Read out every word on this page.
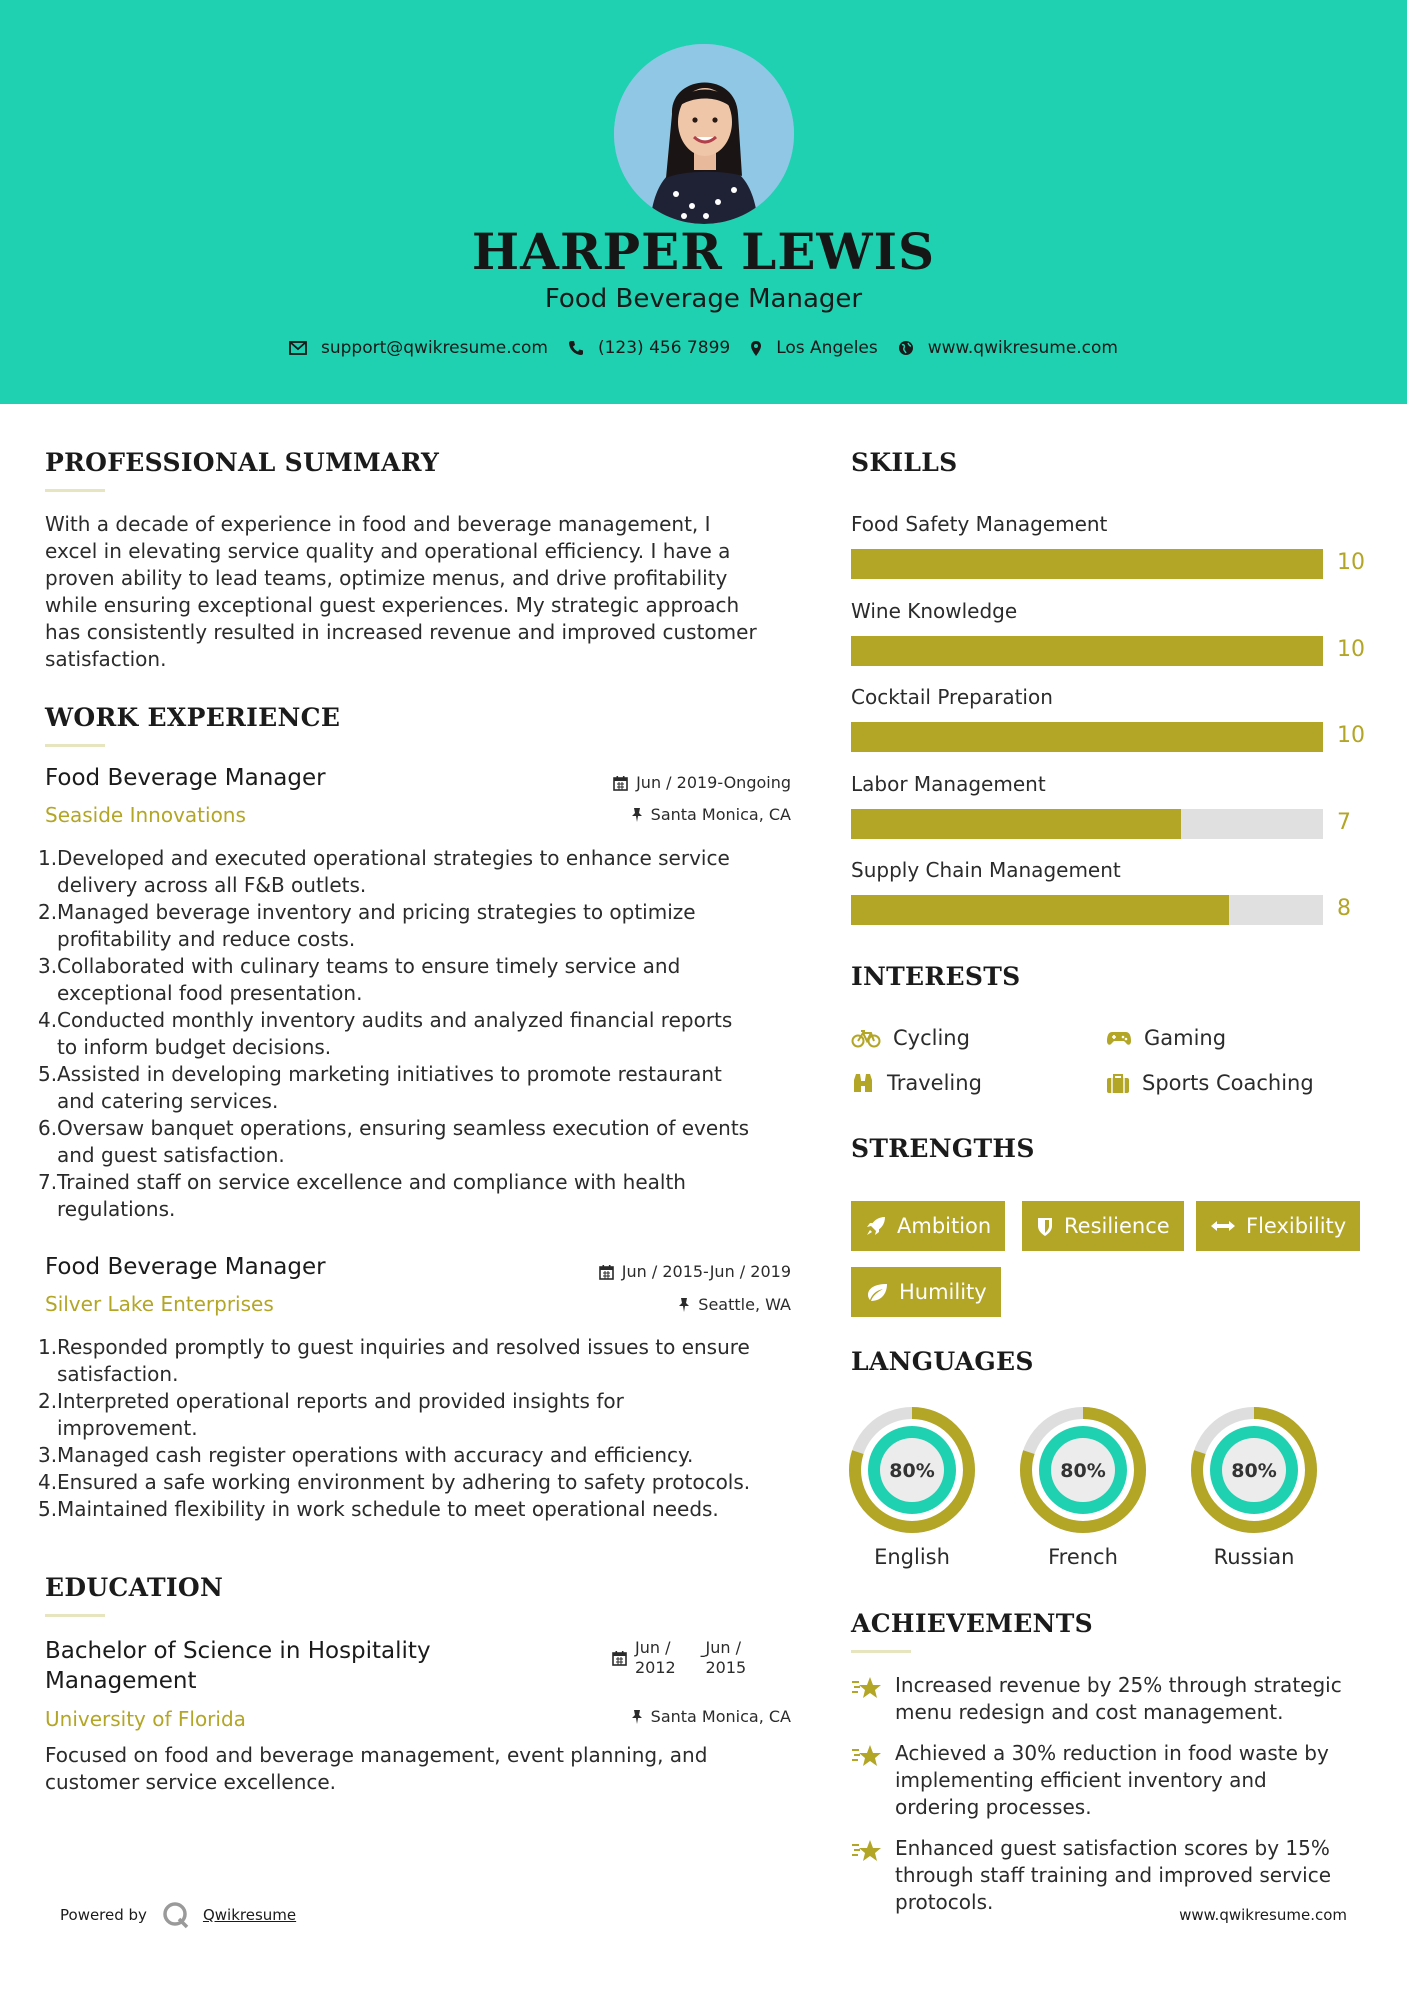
HARPER LEWIS
Food Beverage Manager
support@qwikresume.com	(123) 456 7899	Los Angeles	www.qwikresume.com
PROFESSIONAL SUMMARY
With a decade of experience in food and beverage management, I
excel in elevating service quality and operational efficiency. I have a
proven ability to lead teams, optimize menus, and drive profitability
while ensuring exceptional guest experiences. My strategic approach
has consistently resulted in increased revenue and improved customer
satisfaction.
WORK EXPERIENCE
Food Beverage Manager
Seaside Innovations
Jun / 2019-Ongoing
Santa Monica, CA
1. Developed and executed operational strategies to enhance service
delivery across all F&B outlets.
2. Managed beverage inventory and pricing strategies to optimize
profitability and reduce costs.
3. Collaborated with culinary teams to ensure timely service and
exceptional food presentation.
4. Conducted monthly inventory audits and analyzed financial reports
to inform budget decisions.
5. Assisted in developing marketing initiatives to promote restaurant
and catering services.
6. Oversaw banquet operations, ensuring seamless execution of events
and guest satisfaction.
7. Trained staff on service excellence and compliance with health
regulations.
Food Beverage Manager
Silver Lake Enterprises
Jun / 2015-Jun / 2019
Seattle, WA
1. Responded promptly to guest inquiries and resolved issues to ensure
satisfaction.
2. Interpreted operational reports and provided insights for
improvement.
3. Managed cash register operations with accuracy and efficiency.
4. Ensured a safe working environment by adhering to safety protocols.
5. Maintained flexibility in work schedule to meet operational needs.
EDUCATION
Bachelor of Science in Hospitality
Management
University of Florida
Jun /
2012
- Jun /
2015
Santa Monica, CA
Focused on food and beverage management, event planning, and
customer service excellence.
SKILLS
Food Safety Management
10
Wine Knowledge
10
Cocktail Preparation
10
Labor Management
7
Supply Chain Management
8
INTERESTS
Cycling	Gaming
Traveling	Sports Coaching
STRENGTHS
Ambition	Resilience	Flexibility
Humility
LANGUAGES
80%
English
80%
French
80%
Russian
ACHIEVEMENTS
Increased revenue by 25% through strategic
menu redesign and cost management.
Achieved a 30% reduction in food waste by
implementing efficient inventory and
ordering processes.
Enhanced guest satisfaction scores by 15%
through staff training and improved service
protocols.
Powered by	Qwikresume	www.qwikresume.com
